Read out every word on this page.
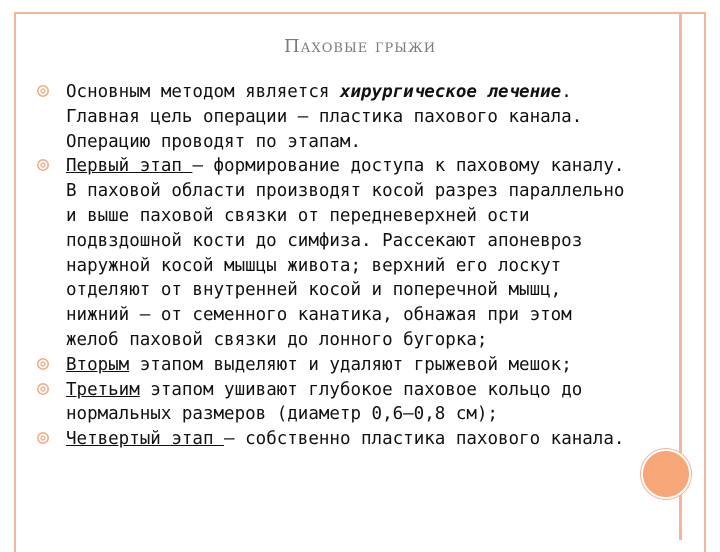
Паховые грыжи
Основным методом является хирургическое лечение. Главная цель операции — пластика пахового канала. Операцию проводят по этапам.
Первый этап — формирование доступа к паховому каналу. В паховой области производят косой разрез параллельно и выше паховой связки от передневерхней ости подвздошной кости до симфиза. Рассекают апоневроз наружной косой мышцы живота; верхний его лоскут отделяют от внутренней косой и поперечной мышц, нижний — от семенного канатика, обнажая при этом желоб паховой связки до лонного бугорка;
Вторым этапом выделяют и удаляют грыжевой мешок;
Третьим этапом ушивают глубокое паховое кольцо до нормальных размеров (диаметр 0,6—0,8 см);
Четвертый этап — собственно пластика пахового канала.
